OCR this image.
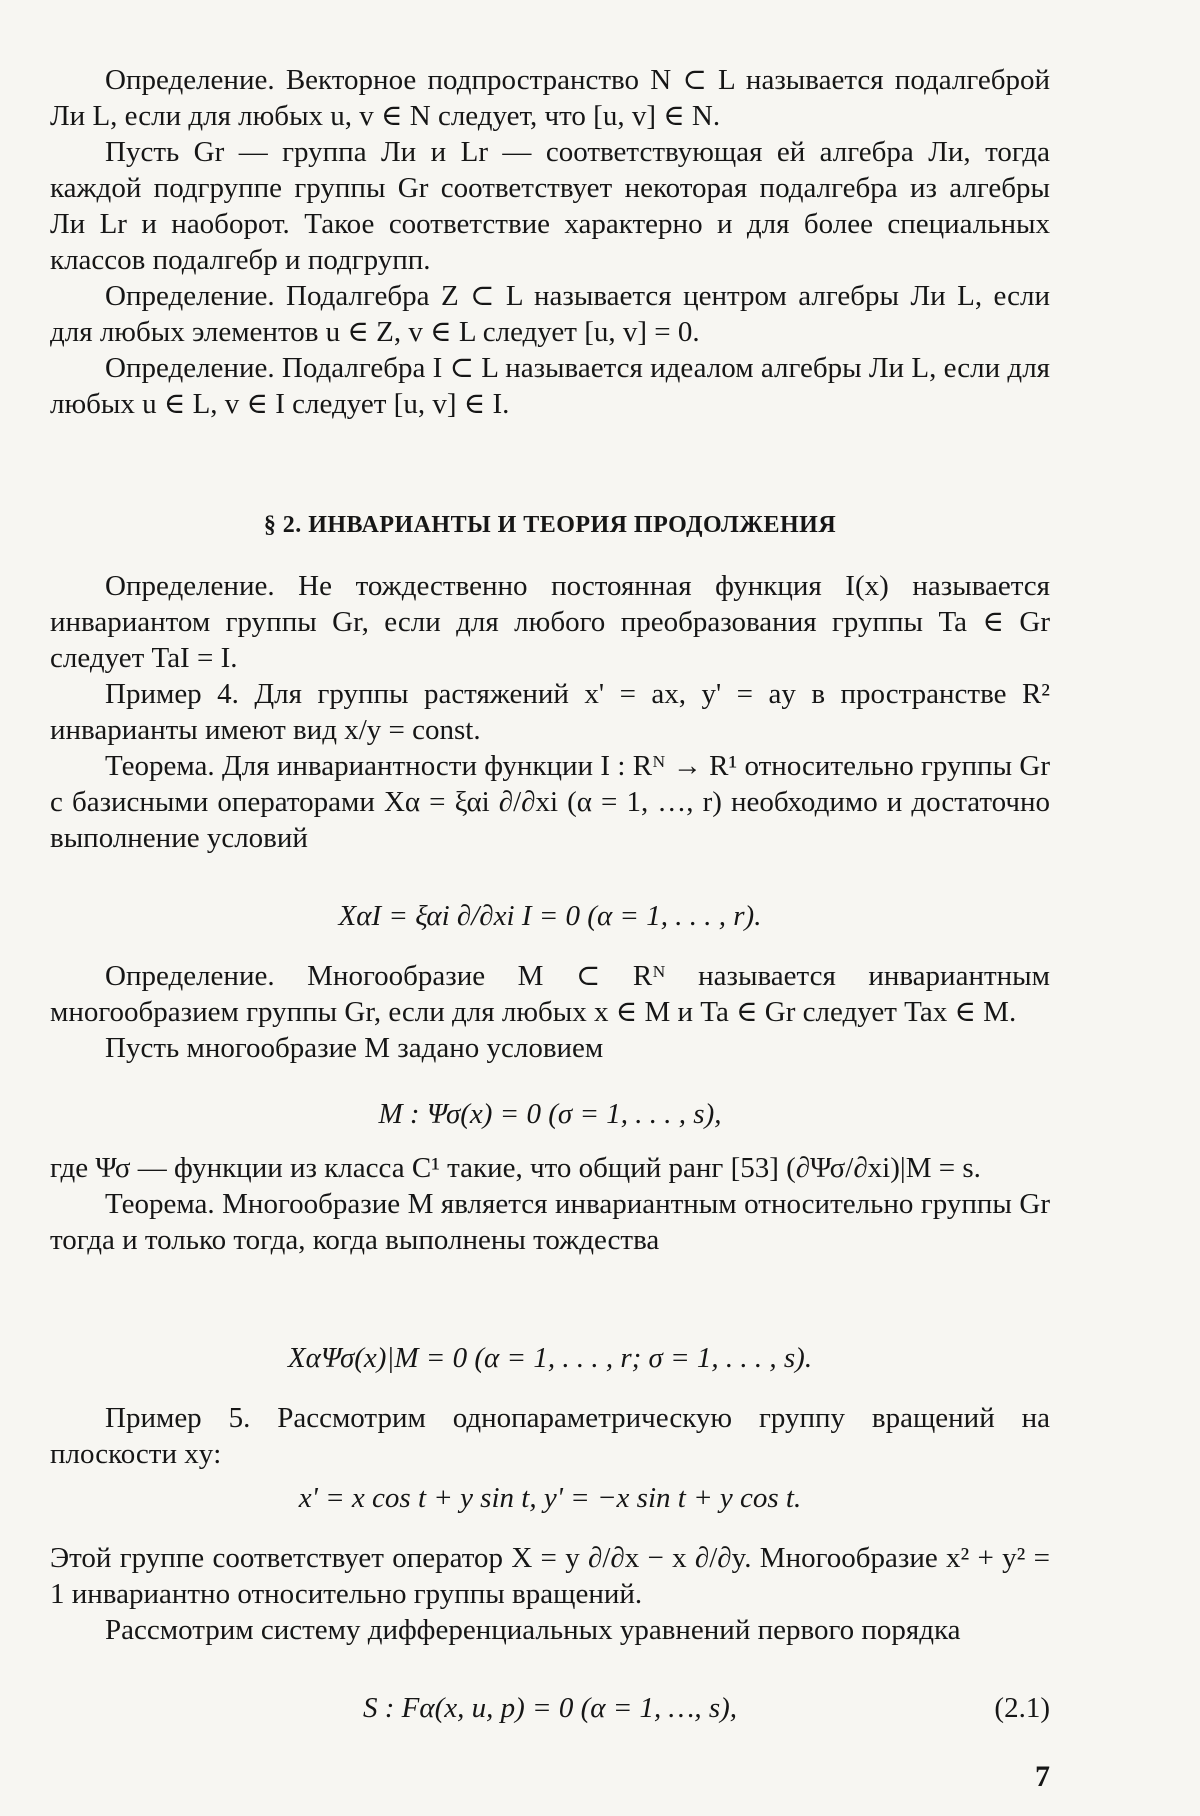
Определение. Векторное подпространство N ⊂ L называется подалгеброй Ли L, если для любых u, v ∈ N следует, что [u, v] ∈ N.

Пусть Gr — группа Ли и Lr — соответствующая ей алгебра Ли, тогда каждой подгруппе группы Gr соответствует некоторая подалгебра из алгебры Ли Lr и наоборот. Такое соответствие характерно и для более специальных классов подалгебр и подгрупп.

Определение. Подалгебра Z ⊂ L называется центром алгебры Ли L, если для любых элементов u ∈ Z, v ∈ L следует [u, v] = 0.

Определение. Подалгебра I ⊂ L называется идеалом алгебры Ли L, если для любых u ∈ L, v ∈ I следует [u, v] ∈ I.

§ 2. ИНВАРИАНТЫ И ТЕОРИЯ ПРОДОЛЖЕНИЯ

Определение. Не тождественно постоянная функция I(x) называется инвариантом группы Gr, если для любого преобразования группы Ta ∈ Gr следует TaI = I.

Пример 4. Для группы растяжений x' = ax, y' = ay в пространстве R² инварианты имеют вид x/y = const.

Теорема. Для инвариантности функции I : Rᴺ → R¹ относительно группы Gr с базисными операторами Xα = ξαi ∂/∂xi (α = 1, …, r) необходимо и достаточно выполнение условий

XαI = ξαi ∂/∂xi I = 0 (α = 1, . . . , r).

Определение. Многообразие M ⊂ Rᴺ называется инвариантным многообразием группы Gr, если для любых x ∈ M и Ta ∈ Gr следует Tax ∈ M.

Пусть многообразие M задано условием

M : Ψσ(x) = 0 (σ = 1, . . . , s),

где Ψσ — функции из класса C¹ такие, что общий ранг [53] (∂Ψσ/∂xi)|M = s.

Теорема. Многообразие M является инвариантным относительно группы Gr тогда и только тогда, когда выполнены тождества

XαΨσ(x)|M = 0 (α = 1, . . . , r; σ = 1, . . . , s).

Пример 5. Рассмотрим однопараметрическую группу вращений на плоскости xy:

x' = x cos t + y sin t, y' = −x sin t + y cos t.

Этой группе соответствует оператор X = y ∂/∂x − x ∂/∂y. Многообразие x² + y² = 1 инвариантно относительно группы вращений.

Рассмотрим систему дифференциальных уравнений первого порядка

S : Fα(x, u, p) = 0 (α = 1, …, s),	(2.1)

7
